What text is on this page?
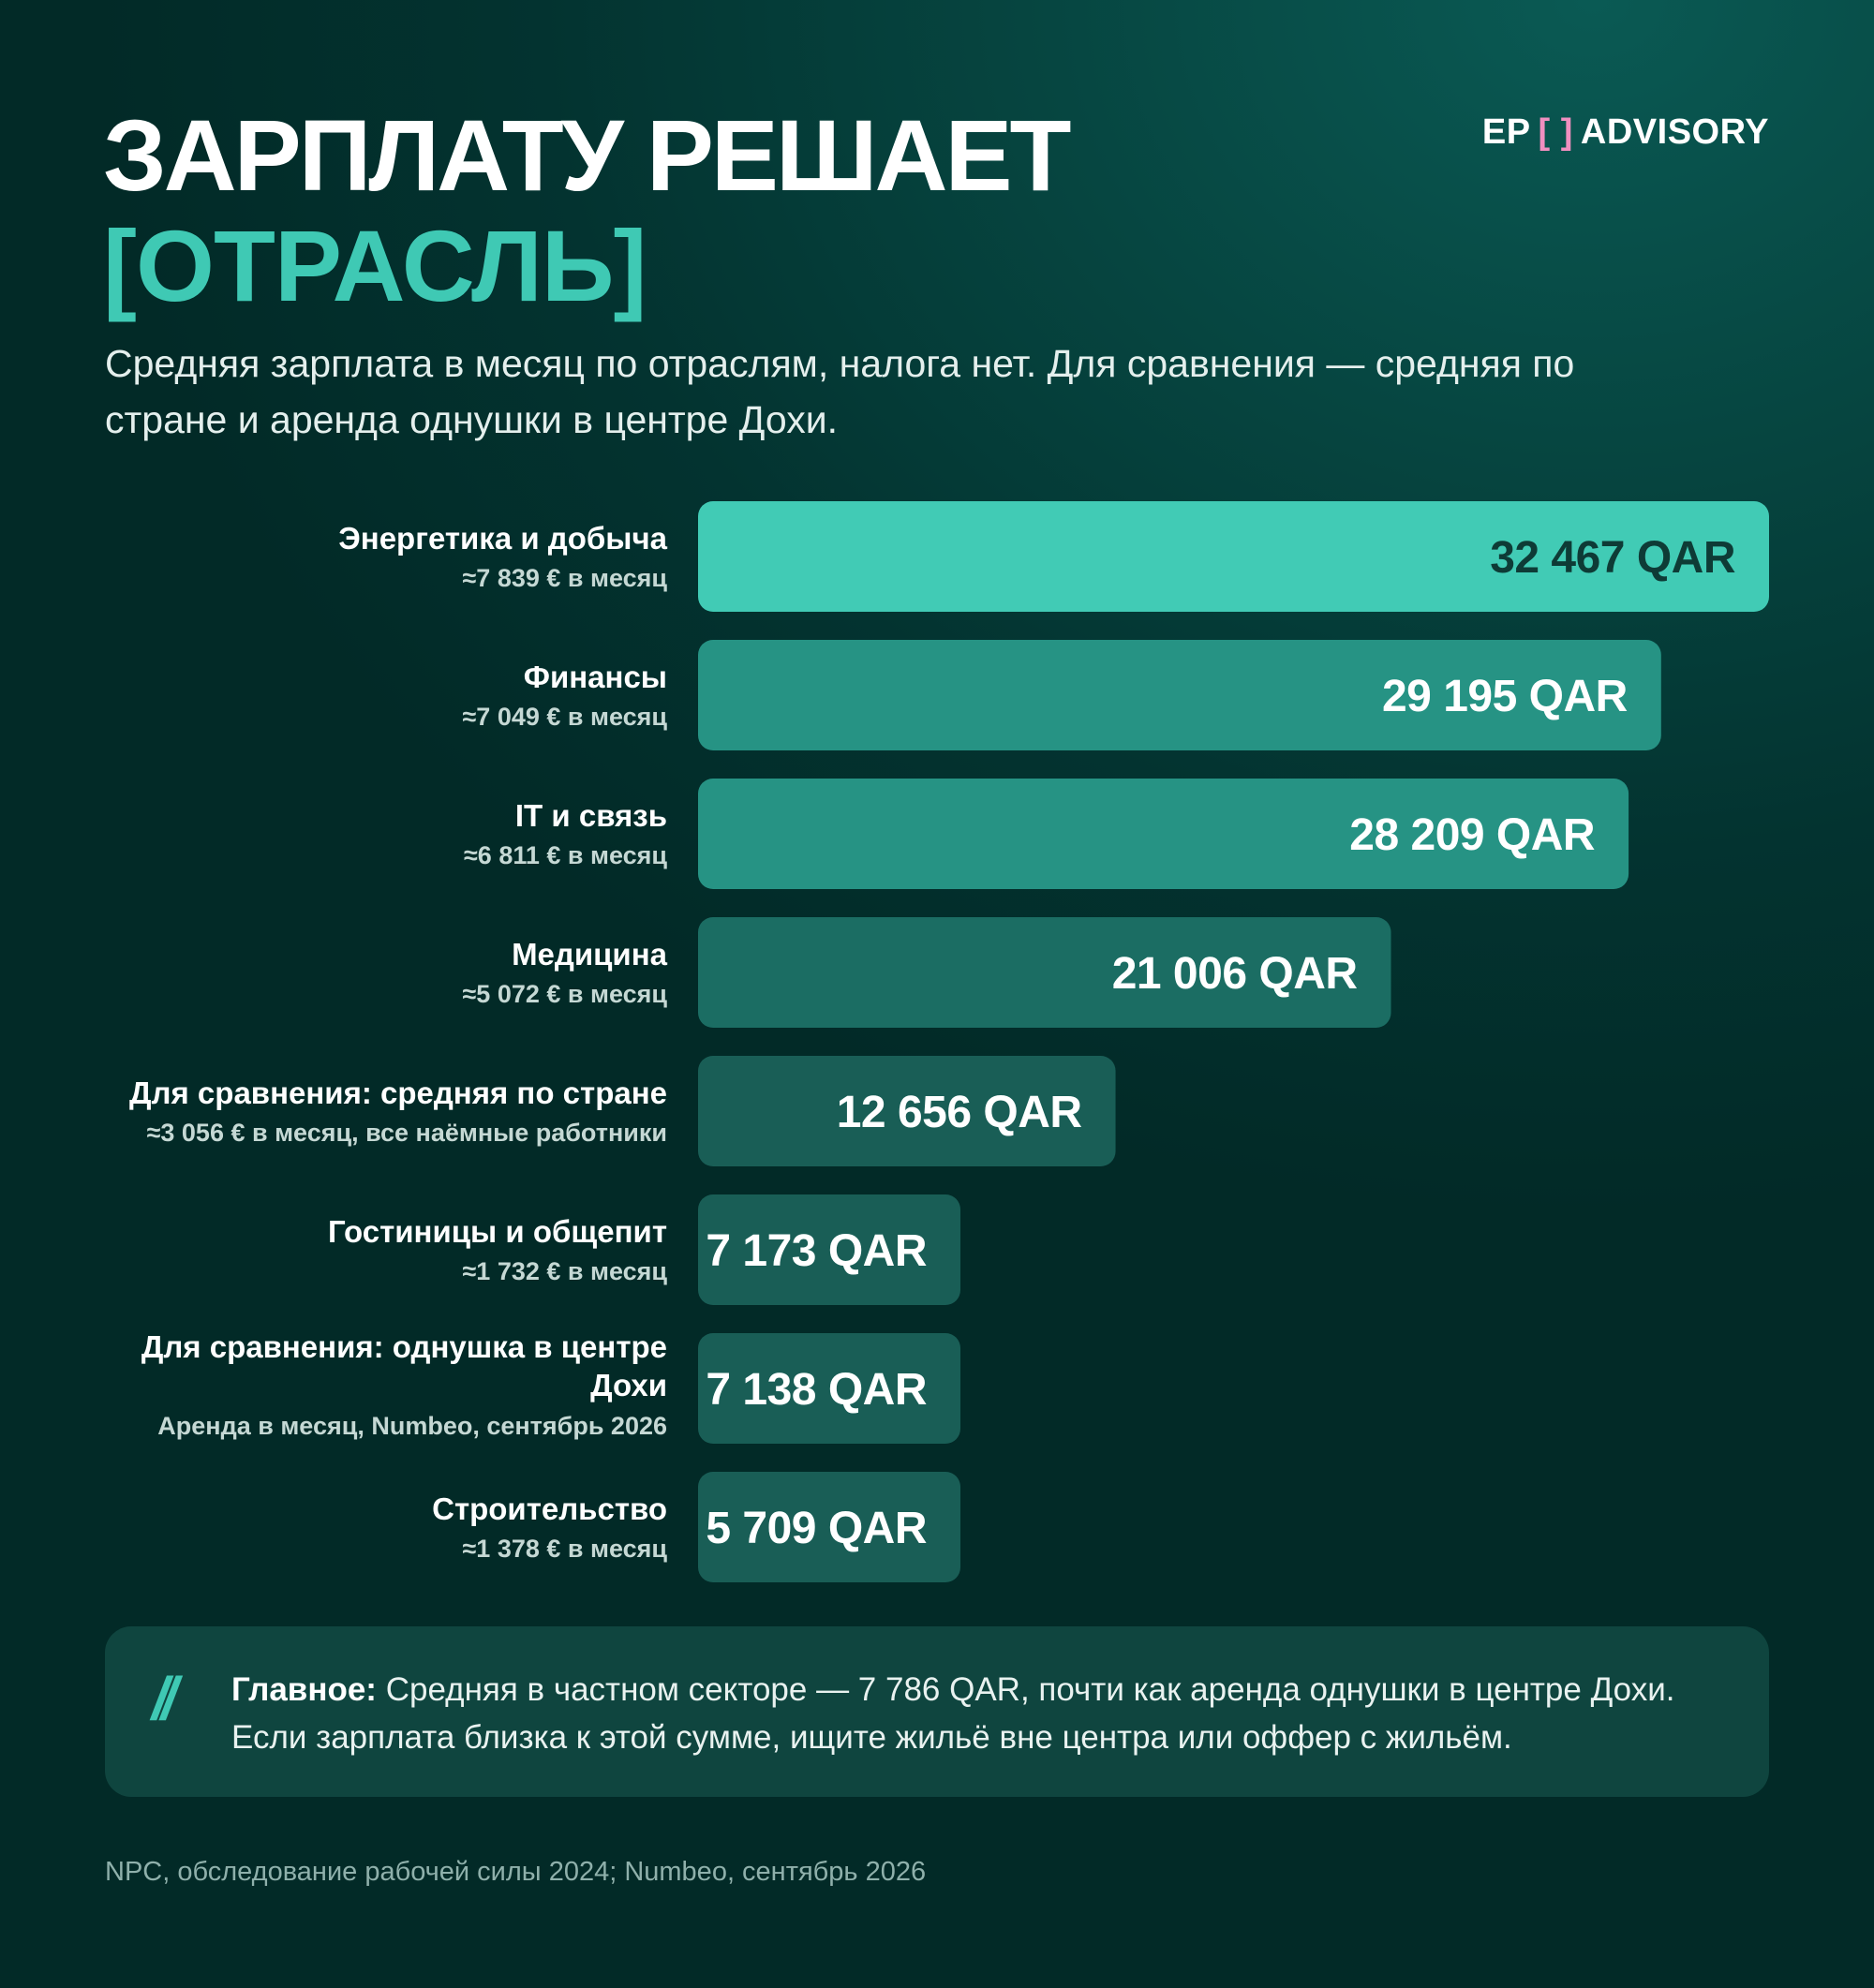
ЗАРПЛАТУ РЕШАЕТ
[ОТРАСЛЬ]
EP [ ] ADVISORY

Средняя зарплата в месяц по отраслям, налога нет. Для сравнения — средняя по стране и аренда однушки в центре Дохи.

32 467 QAR
Энергетика и добыча
≈7 839 € в месяц
29 195 QAR
Финансы
≈7 049 € в месяц
28 209 QAR
IT и связь
≈6 811 € в месяц
21 006 QAR
Медицина
≈5 072 € в месяц
12 656 QAR
Для сравнения: средняя по стране
≈3 056 € в месяц, все наёмные работники
7 173 QAR
Гостиницы и общепит
≈1 732 € в месяц
7 138 QAR
Для сравнения: однушка в центре
Дохи
Аренда в месяц, Numbeo, сентябрь 2026
5 709 QAR
Строительство
≈1 378 € в месяц
// Главное: Средняя в частном секторе — 7 786 QAR, почти как аренда однушки в центре Дохи. Если зарплата близка к этой сумме, ищите жильё вне центра или оффер с жильём.

NPC, обследование рабочей силы 2024; Numbeo, сентябрь 2026
